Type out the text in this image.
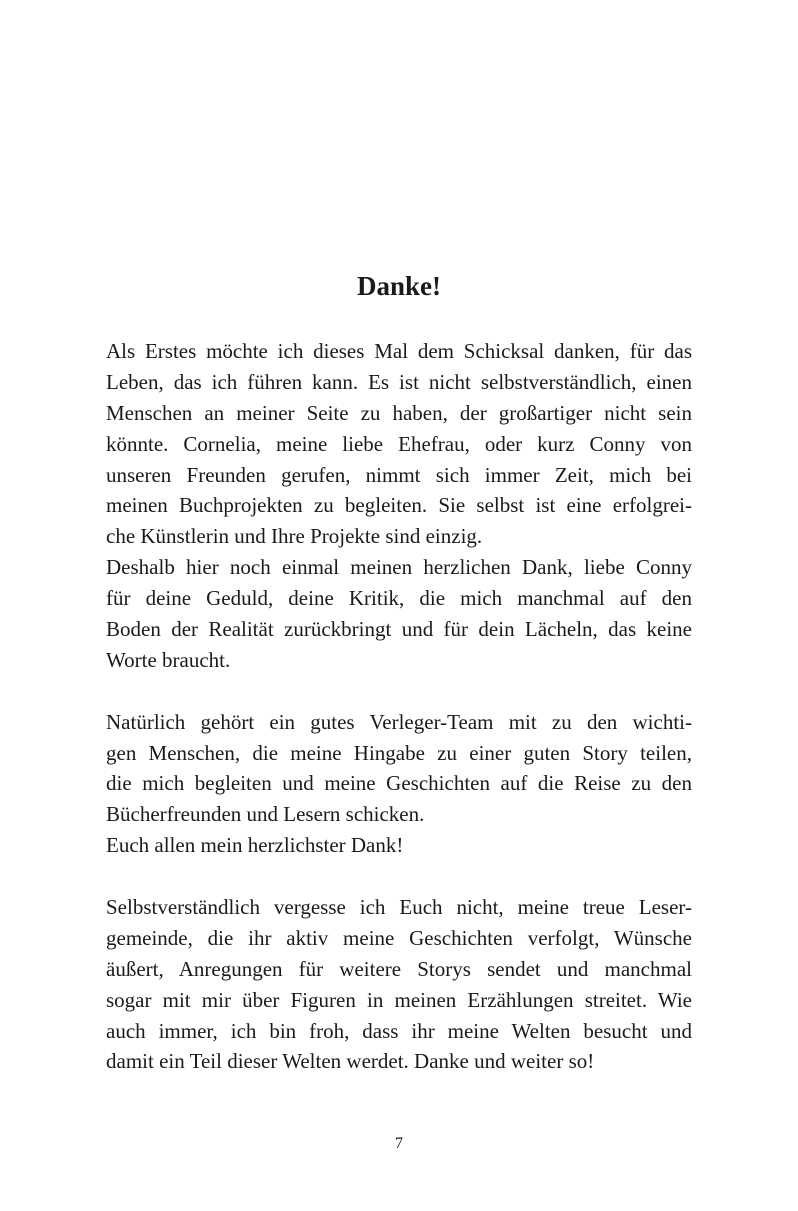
Danke!

Als Erstes möchte ich dieses Mal dem Schicksal danken, für das
Leben, das ich führen kann. Es ist nicht selbstverständlich, einen
Menschen an meiner Seite zu haben, der großartiger nicht sein
könnte. Cornelia, meine liebe Ehefrau, oder kurz Conny von
unseren Freunden gerufen, nimmt sich immer Zeit, mich bei
meinen Buchprojekten zu begleiten. Sie selbst ist eine erfolgrei-
che Künstlerin und Ihre Projekte sind einzig.
Deshalb hier noch einmal meinen herzlichen Dank, liebe Conny
für deine Geduld, deine Kritik, die mich manchmal auf den
Boden der Realität zurückbringt und für dein Lächeln, das keine
Worte braucht.

Natürlich gehört ein gutes Verleger-Team mit zu den wichti-
gen Menschen, die meine Hingabe zu einer guten Story teilen,
die mich begleiten und meine Geschichten auf die Reise zu den
Bücherfreunden und Lesern schicken.
Euch allen mein herzlichster Dank!

Selbstverständlich vergesse ich Euch nicht, meine treue Leser-
gemeinde, die ihr aktiv meine Geschichten verfolgt, Wünsche
äußert, Anregungen für weitere Storys sendet und manchmal
sogar mit mir über Figuren in meinen Erzählungen streitet. Wie
auch immer, ich bin froh, dass ihr meine Welten besucht und
damit ein Teil dieser Welten werdet. Danke und weiter so!

7
